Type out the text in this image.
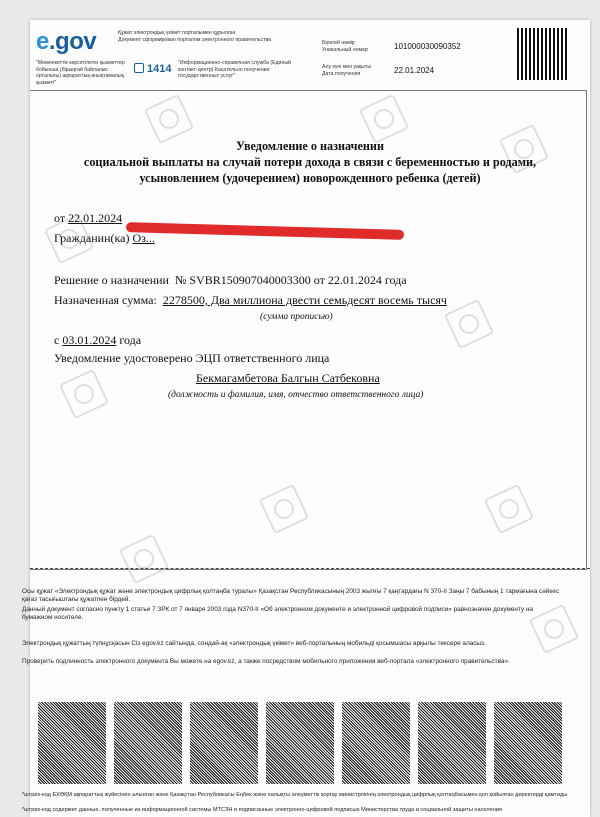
e.gov	Құжат электрондық үкімет порталымен құрылған
Документ сформирован порталом электронного правительства
"Мемлекеттік көрсетілетін қызметтер бойынша (бірыңғай байланыс орталығы) ақпараттық-анықтамалық қызметі"
1414 "Информационно-справочная служба (Единый контакт-центр) Касательно получения государственных услуг"
Бірегей нөмір
Уникальный номер	101000030090352
Алу күні мен уақыты
Дата получения	22.01.2024
Уведомление о назначении
социальной выплаты на случай потери дохода в связи с беременностью и родами,
усыновлением (удочерением) новорожденного ребенка (детей)
от 22.01.2024
Гражданин(ка) Оз...
Решение о назначении № SVBR150907040003300 от 22.01.2024 года
Назначенная сумма: 2278500, Два миллиона двести семьдесят восемь тысяч
(сумма прописью)
с 03.01.2024 года
Уведомление удостоверено ЭЦП ответственного лица
Бекмагамбетова Балгын Сатбековна
(должность и фамилия, имя, отчество ответственного лица)
Осы құжат «Электрондық құжат және электрондық цифрлық қолтаңба туралы» Қазақстан Республикасының 2003 жылғы 7 қаңтардағы N 370-II Заңы 7 бабының 1 тармағына сәйкес қағаз тасығыштағы құжатпен бірдей.
Данный документ согласно пункту 1 статьи 7 ЗРК от 7 января 2003 года N370-II «Об электронном документе и электронной цифровой подписи» равнозначен документу на бумажном носителе.
Электрондық құжаттың түпнұсқасын Сіз egov.kz сайтында, сондай-ақ «электрондық үкімет» веб-порталының мобильді қосымшасы арқылы тексере аласыз.
Проверить подлинность электронного документа Вы можете на egov.kz, а также посредством мобильного приложения веб-портала «электронного правительства».
*штрих-код ЕХӘҚМ ақпараттық жүйесінен алынған және Қазақстан Республикасы Еңбек және халықты әлеуметтік қорғау министрлігінің электрондық цифрлық қолтаңбасымен қол қойылған деректерді қамтиды
*штрих-код содержит данные, полученные из информационной системы МТСЗН и подписанные электронно-цифровой подписью Министерства труда и социальной защиты населения
